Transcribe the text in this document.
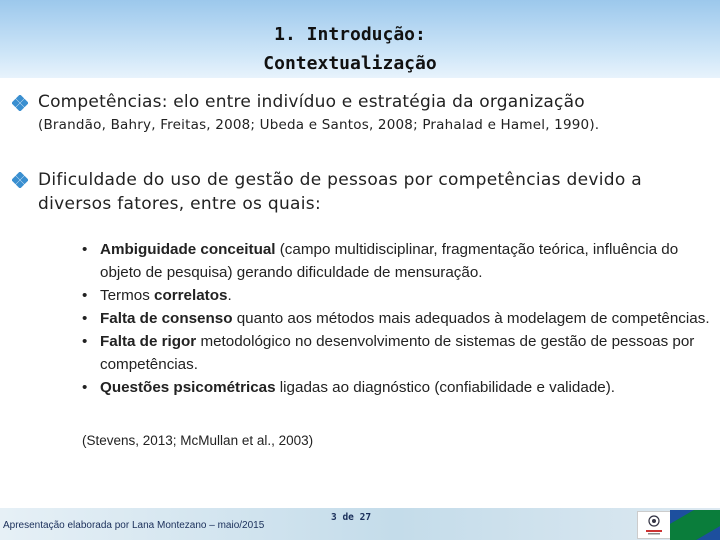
1. Introdução:
Contextualização
Competências: elo entre indivíduo e estratégia da organização
(Brandão, Bahry, Freitas, 2008; Ubeda e Santos, 2008; Prahalad e Hamel, 1990).
Dificuldade do uso de gestão de pessoas por competências devido a diversos fatores, entre os quais:
• Ambiguidade conceitual (campo multidisciplinar, fragmentação teórica, influência do objeto de pesquisa) gerando dificuldade de mensuração.
• Termos correlatos.
• Falta de consenso quanto aos métodos mais adequados à modelagem de competências.
• Falta de rigor metodológico no desenvolvimento de sistemas de gestão de pessoas por competências.
• Questões psicométricas ligadas ao diagnóstico (confiabilidade e validade).
(Stevens, 2013; McMullan et al., 2003)
Apresentação elaborada por Lana Montezano – maio/2015
3 de 27
